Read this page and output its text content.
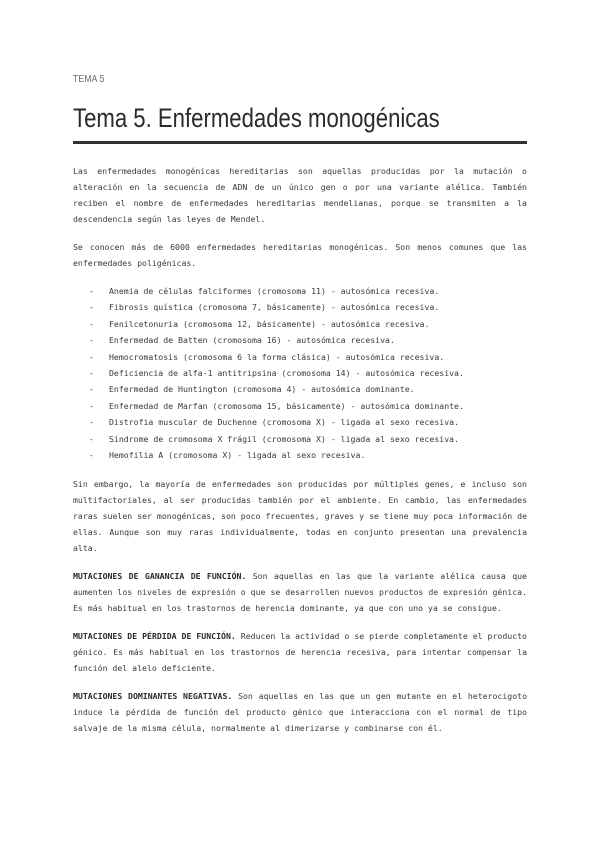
TEMA 5
Tema 5. Enfermedades monogénicas

Las enfermedades monogénicas hereditarias son aquellas producidas por la mutación o alteración en la secuencia de ADN de un único gen o por una variante alélica. También reciben el nombre de enfermedades hereditarias mendelianas, porque se transmiten a la descendencia según las leyes de Mendel.

Se conocen más de 6000 enfermedades hereditarias monogénicas. Son menos comunes que las enfermedades poligénicas.

- Anemia de células falciformes (cromosoma 11) - autosómica recesiva.
- Fibrosis quística (cromosoma 7, básicamente) - autosómica recesiva.
- Fenilcetonuria (cromosoma 12, básicamente) - autosómica recesiva.
- Enfermedad de Batten (cromosoma 16) - autosómica recesiva.
- Hemocromatosis (cromosoma 6 la forma clásica) - autosómica recesiva.
- Deficiencia de alfa-1 antitripsina (cromosoma 14) - autosómica recesiva.
- Enfermedad de Huntington (cromosoma 4) - autosómica dominante.
- Enfermedad de Marfan (cromosoma 15, básicamente) - autosómica dominante.
- Distrofia muscular de Duchenne (cromosoma X) - ligada al sexo recesiva.
- Síndrome de cromosoma X frágil (cromosoma X) - ligada al sexo recesiva.
- Hemofilia A (cromosoma X) - ligada al sexo recesiva.

Sin embargo, la mayoría de enfermedades son producidas por múltiples genes, e incluso son multifactoriales, al ser producidas también por el ambiente. En cambio, las enfermedades raras suelen ser monogénicas, son poco frecuentes, graves y se tiene muy poca información de ellas. Aunque son muy raras individualmente, todas en conjunto presentan una prevalencia alta.

MUTACIONES DE GANANCIA DE FUNCIÓN. Son aquellas en las que la variante alélica causa que aumenten los niveles de expresión o que se desarrollen nuevos productos de expresión génica. Es más habitual en los trastornos de herencia dominante, ya que con uno ya se consigue.

MUTACIONES DE PÉRDIDA DE FUNCIÓN. Reducen la actividad o se pierde completamente el producto génico. Es más habitual en los trastornos de herencia recesiva, para intentar compensar la función del alelo deficiente.

MUTACIONES DOMINANTES NEGATIVAS. Son aquellas en las que un gen mutante en el heterocigoto induce la pérdida de función del producto génico que interacciona con el normal de tipo salvaje de la misma célula, normalmente al dimerizarse y combinarse con él.
